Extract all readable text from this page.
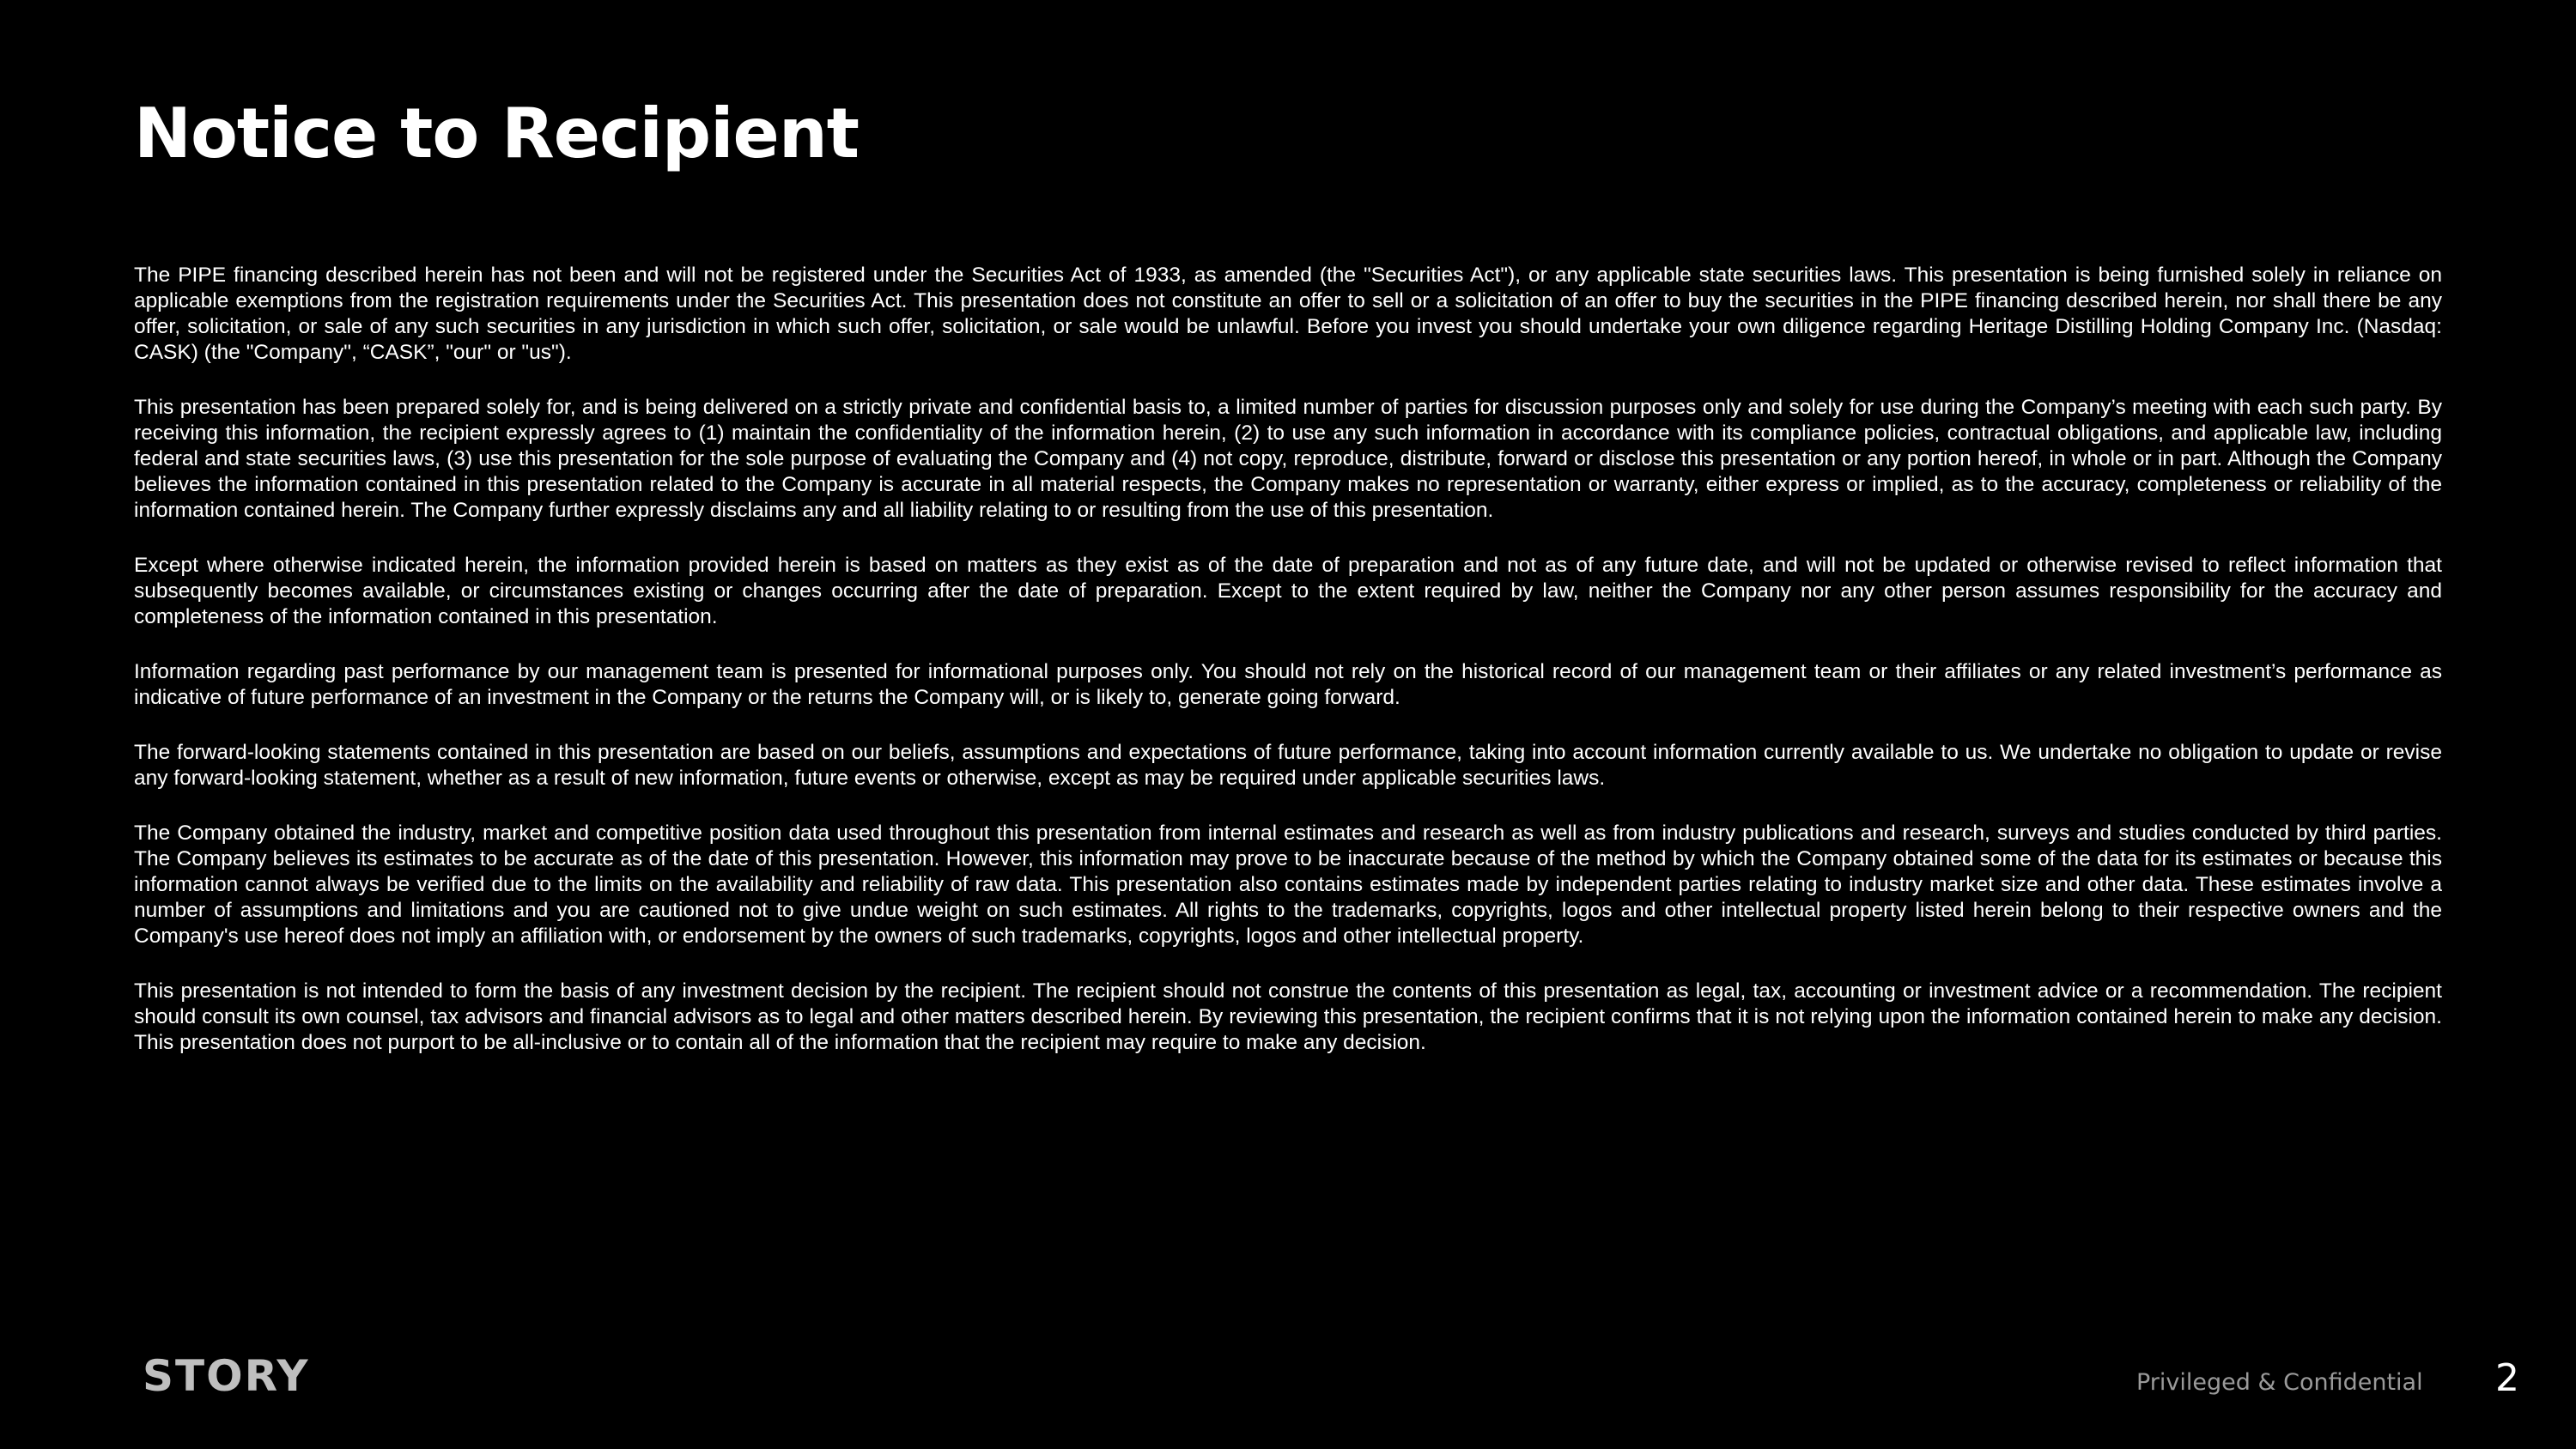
Notice to Recipient

The PIPE financing described herein has not been and will not be registered under the Securities Act of 1933, as amended (the "Securities Act"), or any applicable state securities laws. This presentation is being furnished solely in reliance on applicable exemptions from the registration requirements under the Securities Act. This presentation does not constitute an offer to sell or a solicitation of an offer to buy the securities in the PIPE financing described herein, nor shall there be any offer, solicitation, or sale of any such securities in any jurisdiction in which such offer, solicitation, or sale would be unlawful. Before you invest you should undertake your own diligence regarding Heritage Distilling Holding Company Inc. (Nasdaq: CASK) (the "Company", “CASK”, "our" or "us").

This presentation has been prepared solely for, and is being delivered on a strictly private and confidential basis to, a limited number of parties for discussion purposes only and solely for use during the Company’s meeting with each such party. By receiving this information, the recipient expressly agrees to (1) maintain the confidentiality of the information herein, (2) to use any such information in accordance with its compliance policies, contractual obligations, and applicable law, including federal and state securities laws, (3) use this presentation for the sole purpose of evaluating the Company and (4) not copy, reproduce, distribute, forward or disclose this presentation or any portion hereof, in whole or in part. Although the Company believes the information contained in this presentation related to the Company is accurate in all material respects, the Company makes no representation or warranty, either express or implied, as to the accuracy, completeness or reliability of the information contained herein. The Company further expressly disclaims any and all liability relating to or resulting from the use of this presentation.

Except where otherwise indicated herein, the information provided herein is based on matters as they exist as of the date of preparation and not as of any future date, and will not be updated or otherwise revised to reflect information that subsequently becomes available, or circumstances existing or changes occurring after the date of preparation. Except to the extent required by law, neither the Company nor any other person assumes responsibility for the accuracy and completeness of the information contained in this presentation.

Information regarding past performance by our management team is presented for informational purposes only. You should not rely on the historical record of our management team or their affiliates or any related investment’s performance as indicative of future performance of an investment in the Company or the returns the Company will, or is likely to, generate going forward.

The forward-looking statements contained in this presentation are based on our beliefs, assumptions and expectations of future performance, taking into account information currently available to us. We undertake no obligation to update or revise any forward-looking statement, whether as a result of new information, future events or otherwise, except as may be required under applicable securities laws.

The Company obtained the industry, market and competitive position data used throughout this presentation from internal estimates and research as well as from industry publications and research, surveys and studies conducted by third parties. The Company believes its estimates to be accurate as of the date of this presentation. However, this information may prove to be inaccurate because of the method by which the Company obtained some of the data for its estimates or because this information cannot always be verified due to the limits on the availability and reliability of raw data. This presentation also contains estimates made by independent parties relating to industry market size and other data. These estimates involve a number of assumptions and limitations and you are cautioned not to give undue weight on such estimates. All rights to the trademarks, copyrights, logos and other intellectual property listed herein belong to their respective owners and the Company's use hereof does not imply an affiliation with, or endorsement by the owners of such trademarks, copyrights, logos and other intellectual property.

This presentation is not intended to form the basis of any investment decision by the recipient. The recipient should not construe the contents of this presentation as legal, tax, accounting or investment advice or a recommendation. The recipient should consult its own counsel, tax advisors and financial advisors as to legal and other matters described herein. By reviewing this presentation, the recipient confirms that it is not relying upon the information contained herein to make any decision. This presentation does not purport to be all-inclusive or to contain all of the information that the recipient may require to make any decision.

STORY	Privileged & Confidential 2
